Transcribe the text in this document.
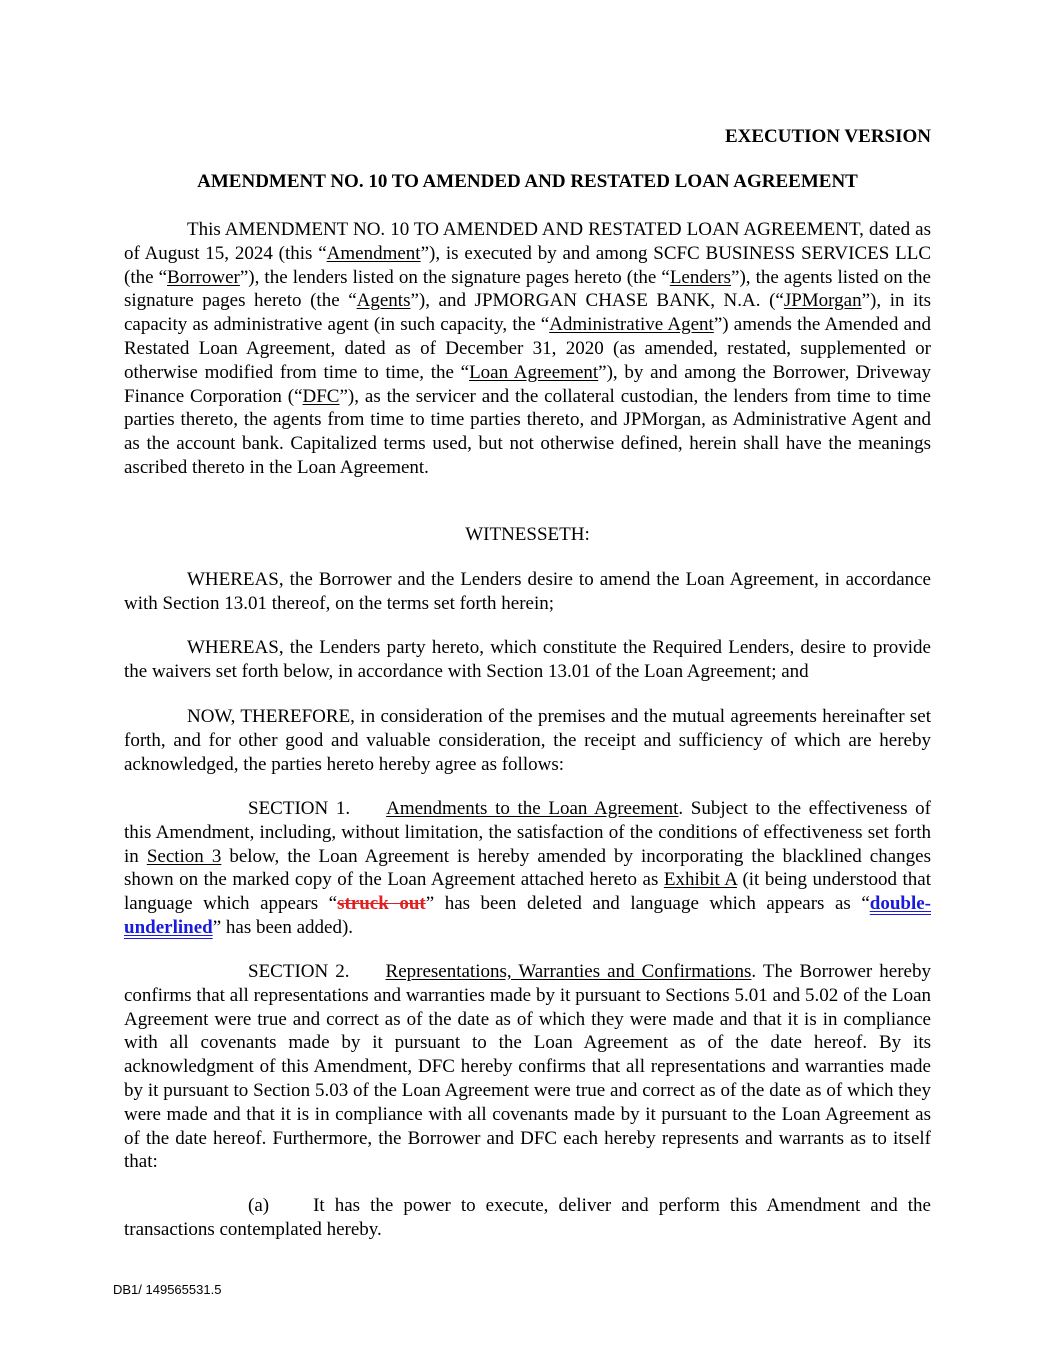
EXECUTION VERSION
AMENDMENT NO. 10 TO AMENDED AND RESTATED LOAN AGREEMENT

This AMENDMENT NO. 10 TO AMENDED AND RESTATED LOAN AGREEMENT, dated as of August 15, 2024 (this “Amendment”), is executed by and among SCFC BUSINESS SERVICES LLC (the “Borrower”), the lenders listed on the signature pages hereto (the “Lenders”), the agents listed on the signature pages hereto (the “Agents”), and JPMORGAN CHASE BANK, N.A. (“JPMorgan”), in its capacity as administrative agent (in such capacity, the “Administrative Agent”) amends the Amended and Restated Loan Agreement, dated as of December 31, 2020 (as amended, restated, supplemented or otherwise modified from time to time, the “Loan Agreement”), by and among the Borrower, Driveway Finance Corporation (“DFC”), as the servicer and the collateral custodian, the lenders from time to time parties thereto, the agents from time to time parties thereto, and JPMorgan, as Administrative Agent and as the account bank. Capitalized terms used, but not otherwise defined, herein shall have the meanings ascribed thereto in the Loan Agreement.

WITNESSETH:

WHEREAS, the Borrower and the Lenders desire to amend the Loan Agreement, in accordance with Section 13.01 thereof, on the terms set forth herein;

WHEREAS, the Lenders party hereto, which constitute the Required Lenders, desire to provide the waivers set forth below, in accordance with Section 13.01 of the Loan Agreement; and

NOW, THEREFORE, in consideration of the premises and the mutual agreements hereinafter set forth, and for other good and valuable consideration, the receipt and sufficiency of which are hereby acknowledged, the parties hereto hereby agree as follows:

SECTION 1. Amendments to the Loan Agreement. Subject to the effectiveness of this Amendment, including, without limitation, the satisfaction of the conditions of effectiveness set forth in Section 3 below, the Loan Agreement is hereby amended by incorporating the blacklined changes shown on the marked copy of the Loan Agreement attached hereto as Exhibit A (it being understood that language which appears “struck out” has been deleted and language which appears as “double-underlined” has been added).

SECTION 2. Representations, Warranties and Confirmations. The Borrower hereby confirms that all representations and warranties made by it pursuant to Sections 5.01 and 5.02 of the Loan Agreement were true and correct as of the date as of which they were made and that it is in compliance with all covenants made by it pursuant to the Loan Agreement as of the date hereof. By its acknowledgment of this Amendment, DFC hereby confirms that all representations and warranties made by it pursuant to Section 5.03 of the Loan Agreement were true and correct as of the date as of which they were made and that it is in compliance with all covenants made by it pursuant to the Loan Agreement as of the date hereof. Furthermore, the Borrower and DFC each hereby represents and warrants as to itself that:

(a) It has the power to execute, deliver and perform this Amendment and the transactions contemplated hereby.

DB1/ 149565531.5
